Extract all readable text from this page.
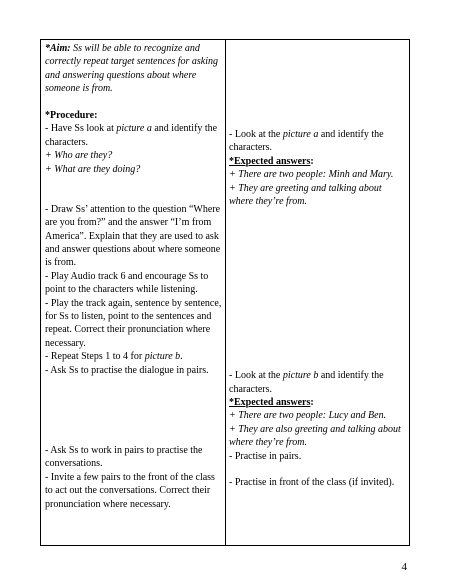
*Aim: Ss will be able to recognize and correctly repeat target sentences for asking and answering questions about where someone is from.

*Procedure:

- Have Ss look at picture a and identify the characters.

+ Who are they?

+ What are they doing?

- Draw Ss’ attention to the question “Where are you from?” and the answer “I’m from America”. Explain that they are used to ask and answer questions about where someone is from.

- Play Audio track 6 and encourage Ss to point to the characters while listening.

- Play the track again, sentence by sentence, for Ss to listen, point to the sentences and repeat. Correct their pronunciation where necessary.

- Repeat Steps 1 to 4 for picture b.

- Ask Ss to practise the dialogue in pairs.

- Ask Ss to work in pairs to practise the conversations.

- Invite a few pairs to the front of the class to act out the conversations. Correct their pronunciation where necessary.

- Look at the picture a and identify the characters.

*Expected answers:

+ There are two people: Minh and Mary.

+ They are greeting and talking about where they’re from.

- Look at the picture b and identify the characters.

*Expected answers:

+ There are two people: Lucy and Ben.

+ They are also greeting and talking about where they’re from.

- Practise in pairs.

- Practise in front of the class (if invited).

4
